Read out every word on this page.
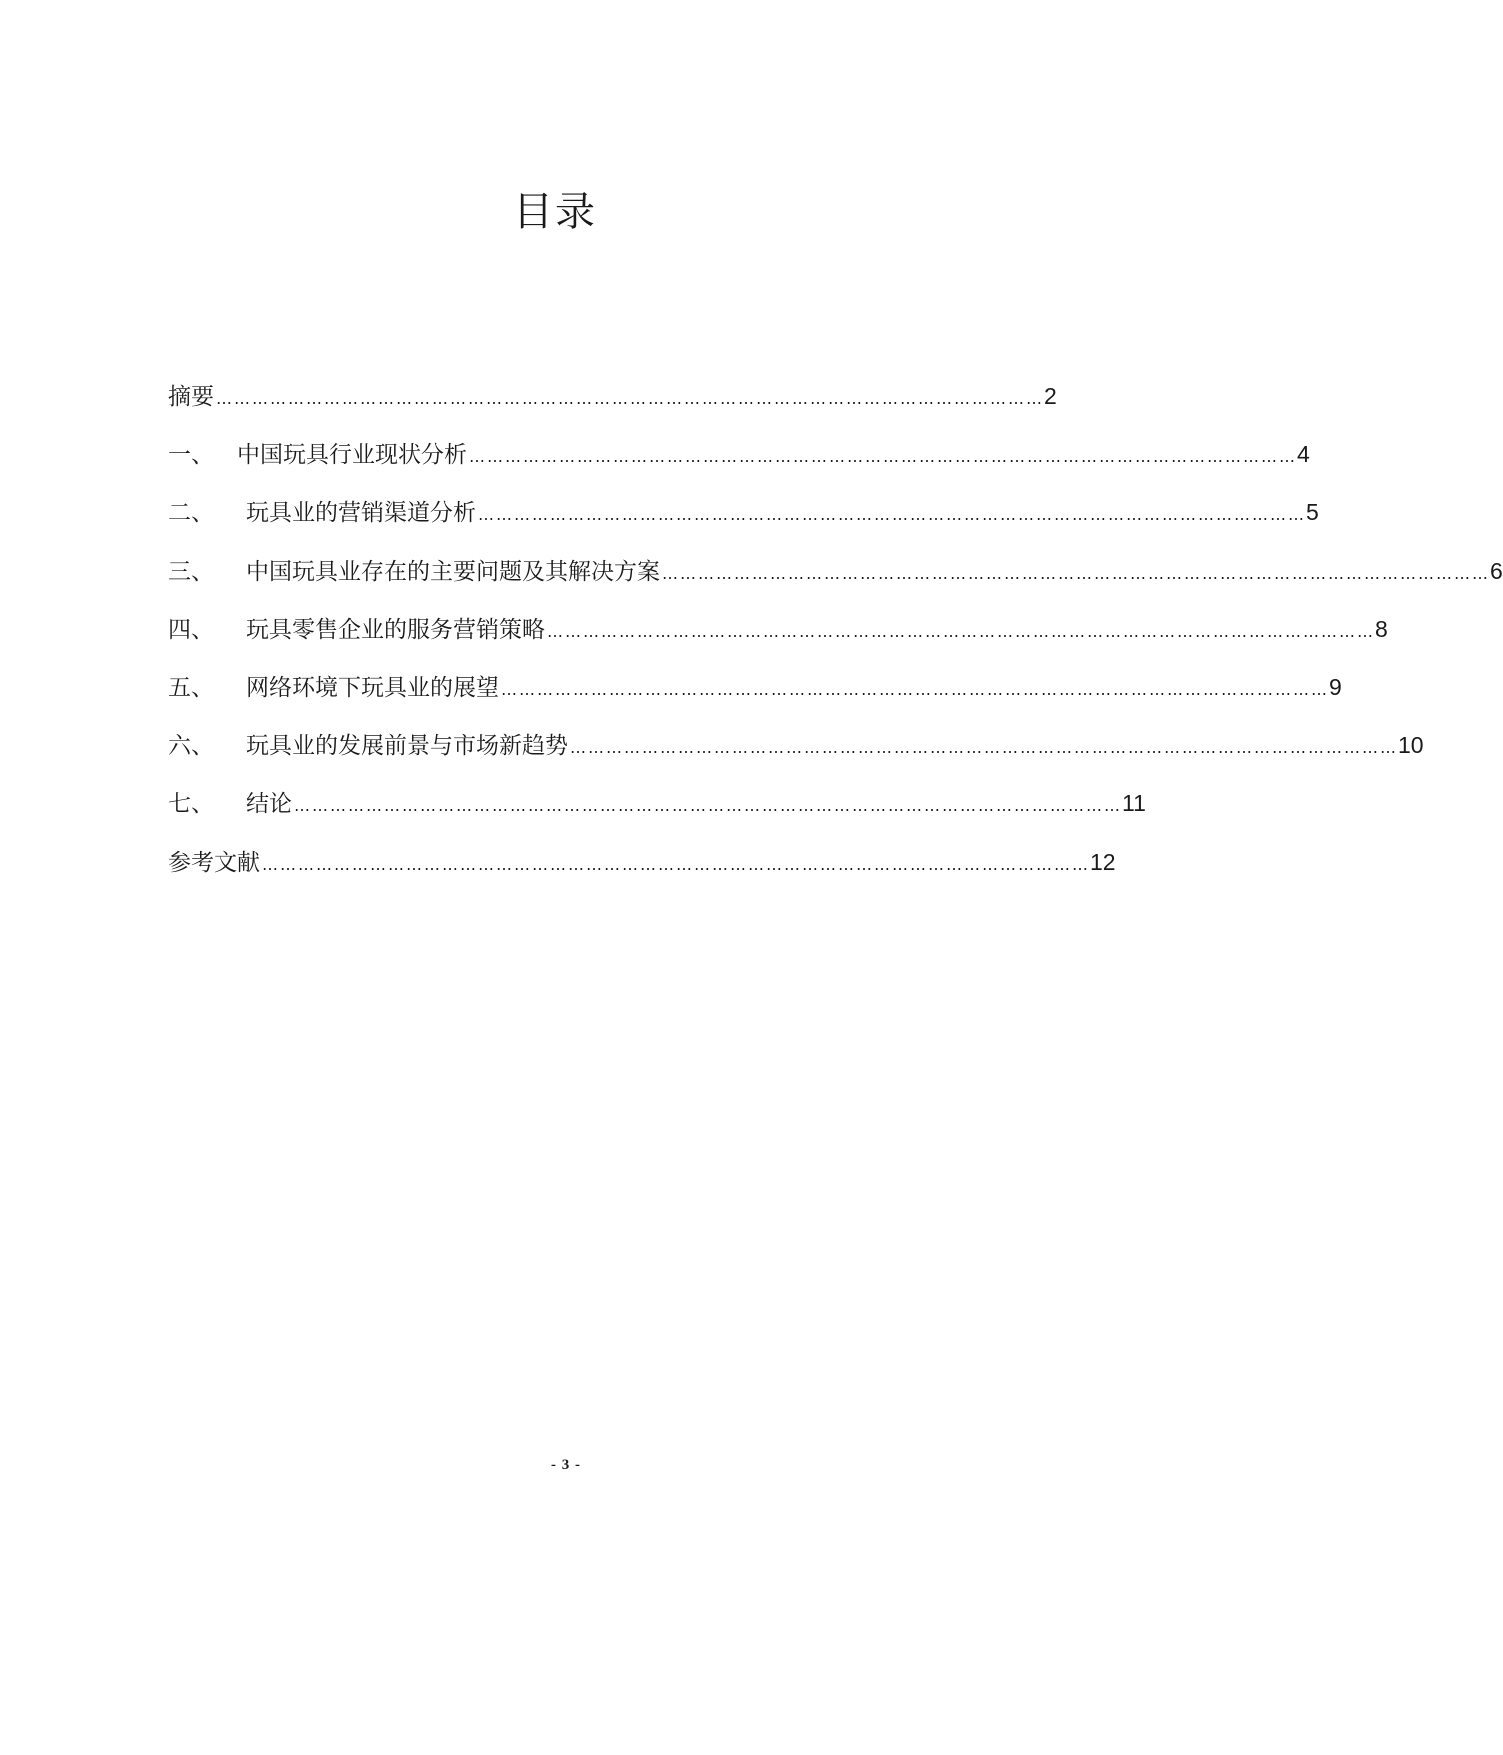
目录
摘要 ………………………………………………………………………………………………………………………… 2
一、	中国玩具行业现状分析 ………………………………………………………………………………………………………………………… 4
二、	玩具业的营销渠道分析 ………………………………………………………………………………………………………………………… 5
三、	中国玩具业存在的主要问题及其解决方案 ………………………………………………………………………………………………………………………… 6
四、	玩具零售企业的服务营销策略 ………………………………………………………………………………………………………………………… 8
五、	网络环境下玩具业的展望 ………………………………………………………………………………………………………………………… 9
六、	玩具业的发展前景与市场新趋势 ………………………………………………………………………………………………………………………… 10
七、	结论 ………………………………………………………………………………………………………………………… 11
参考文献 ………………………………………………………………………………………………………………………… 12
- 3 -
